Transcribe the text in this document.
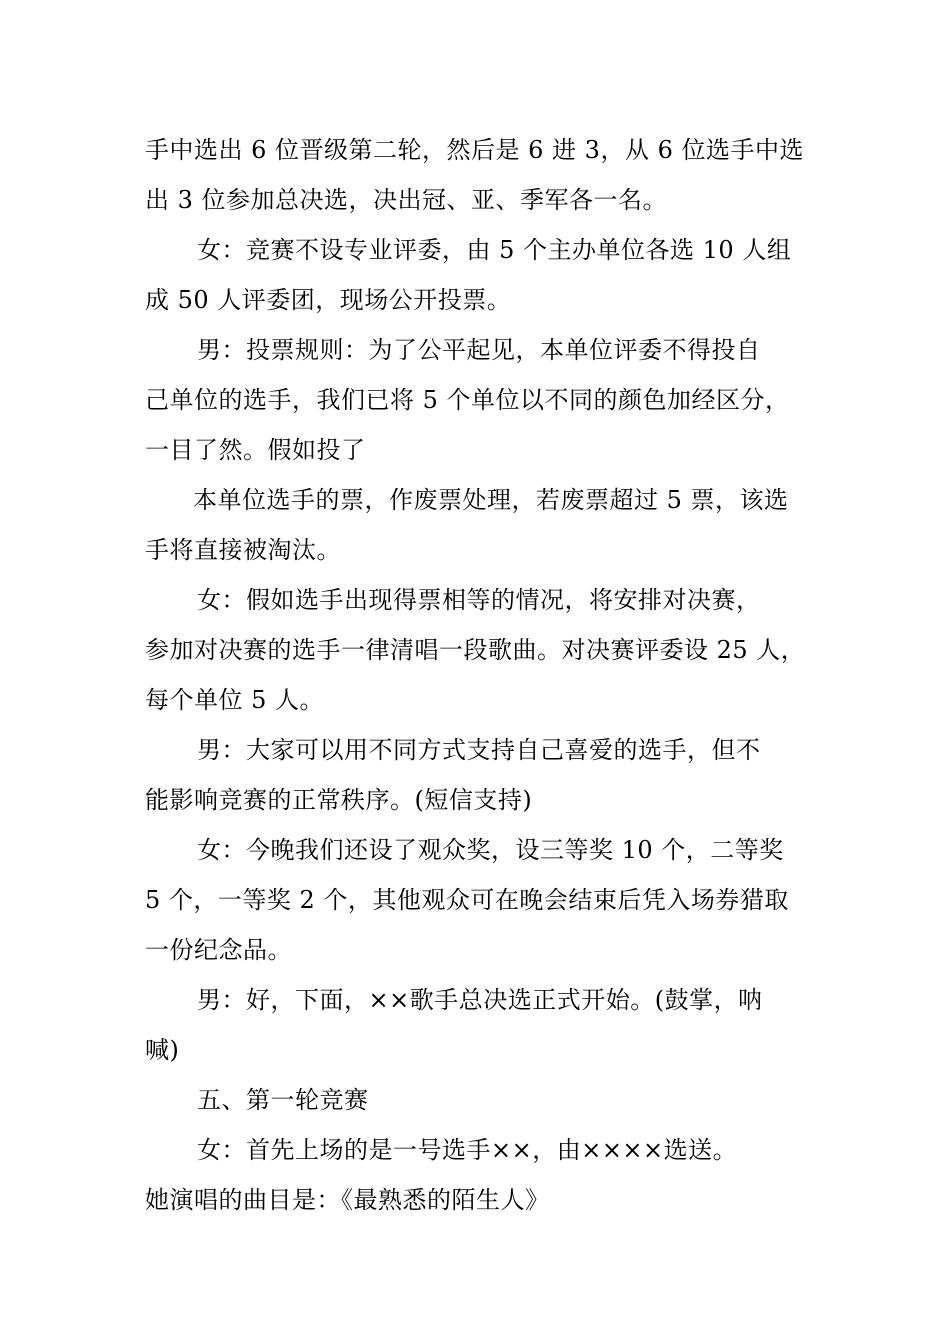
手中选出 6 位晋级第二轮，然后是 6 进 3，从 6 位选手中选
出 3 位参加总决选，决出冠、亚、季军各一名。
女：竞赛不设专业评委，由 5 个主办单位各选 10 人组
成 50 人评委团，现场公开投票。
男：投票规则：为了公平起见，本单位评委不得投自
己单位的选手，我们已将 5 个单位以不同的颜色加经区分，
一目了然。假如投了
本单位选手的票，作废票处理，若废票超过 5 票，该选
手将直接被淘汰。
女：假如选手出现得票相等的情况，将安排对决赛，
参加对决赛的选手一律清唱一段歌曲。对决赛评委设 25 人，
每个单位 5 人。
男：大家可以用不同方式支持自己喜爱的选手，但不
能影响竞赛的正常秩序。(短信支持)
女：今晚我们还设了观众奖，设三等奖 10 个，二等奖
5 个，一等奖 2 个，其他观众可在晚会结束后凭入场券猎取
一份纪念品。
男：好，下面，××歌手总决选正式开始。(鼓掌，呐
喊)
五、第一轮竞赛
女：首先上场的是一号选手××，由××××选送。
她演唱的曲目是：《最熟悉的陌生人》
